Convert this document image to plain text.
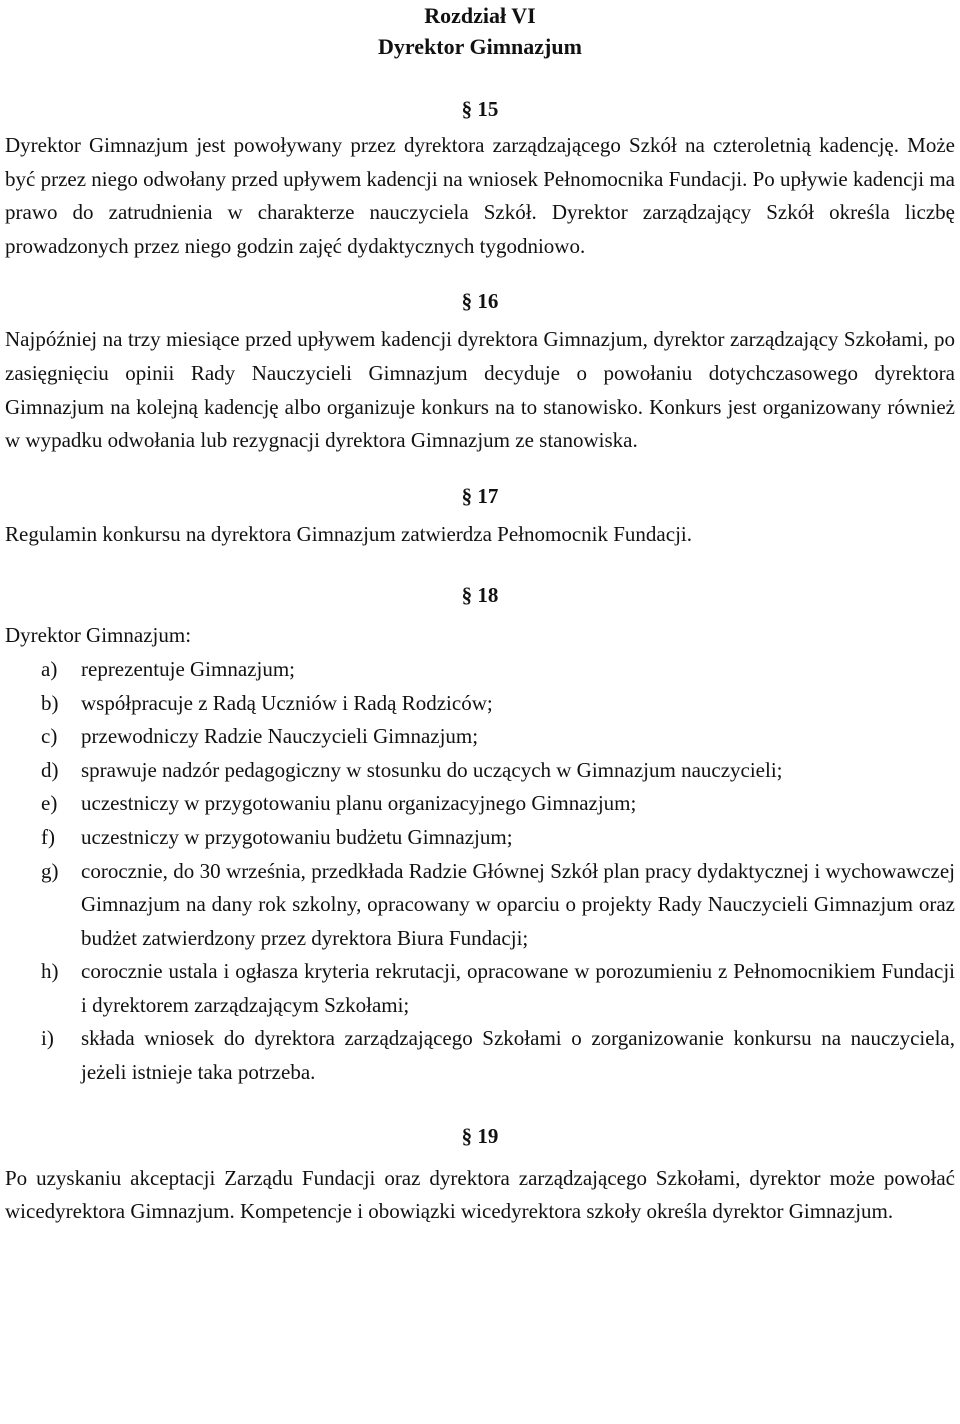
Rozdział VI
Dyrektor Gimnazjum
§ 15

Dyrektor Gimnazjum jest powoływany przez dyrektora zarządzającego Szkół na czteroletnią kadencję. Może być przez niego odwołany przed upływem kadencji na wniosek Pełnomocnika Fundacji. Po upływie kadencji ma prawo do zatrudnienia w charakterze nauczyciela Szkół. Dyrektor zarządzający Szkół określa liczbę prowadzonych przez niego godzin zajęć dydaktycznych tygodniowo.

§ 16

Najpóźniej na trzy miesiące przed upływem kadencji dyrektora Gimnazjum, dyrektor zarządzający Szkołami, po zasięgnięciu opinii Rady Nauczycieli Gimnazjum decyduje o powołaniu dotychczasowego dyrektora Gimnazjum na kolejną kadencję albo organizuje konkurs na to stanowisko. Konkurs jest organizowany również w wypadku odwołania lub rezygnacji dyrektora Gimnazjum ze stanowiska.

§ 17

Regulamin konkursu na dyrektora Gimnazjum zatwierdza Pełnomocnik Fundacji.

§ 18

Dyrektor Gimnazjum:

a) reprezentuje Gimnazjum;
b) współpracuje z Radą Uczniów i Radą Rodziców;
c) przewodniczy Radzie Nauczycieli Gimnazjum;
d) sprawuje nadzór pedagogiczny w stosunku do uczących w Gimnazjum nauczycieli;
e) uczestniczy w przygotowaniu planu organizacyjnego Gimnazjum;
f) uczestniczy w przygotowaniu budżetu Gimnazjum;
g) corocznie, do 30 września, przedkłada Radzie Głównej Szkół plan pracy dydaktycznej i wychowawczej Gimnazjum na dany rok szkolny, opracowany w oparciu o projekty Rady Nauczycieli Gimnazjum oraz budżet zatwierdzony przez dyrektora Biura Fundacji;
h) corocznie ustala i ogłasza kryteria rekrutacji, opracowane w porozumieniu z Pełnomocnikiem Fundacji i dyrektorem zarządzającym Szkołami;
i) składa wniosek do dyrektora zarządzającego Szkołami o zorganizowanie konkursu na nauczyciela, jeżeli istnieje taka potrzeba.
§ 19

Po uzyskaniu akceptacji Zarządu Fundacji oraz dyrektora zarządzającego Szkołami, dyrektor może powołać wicedyrektora Gimnazjum. Kompetencje i obowiązki wicedyrektora szkoły określa dyrektor Gimnazjum.
